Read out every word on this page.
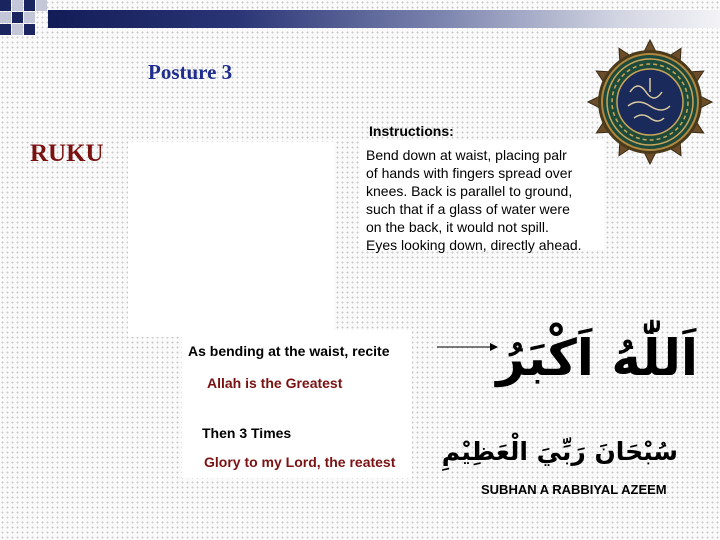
Posture 3
RUKU
Instructions:
Bend down at waist, placing palr
of hands with fingers spread over
knees. Back is parallel to ground,
such that if a glass of water were
on the back, it would not spill.
Eyes looking down, directly ahead.
As bending at the waist, recite
Allah is the Greatest
Then 3 Times
Glory to my Lord, the reatest
اَللّٰهُ اَكْبَرُ
سُبْحَانَ رَبِّيَ الْعَظِيْمِ
SUBHAN A RABBIYAL AZEEM
